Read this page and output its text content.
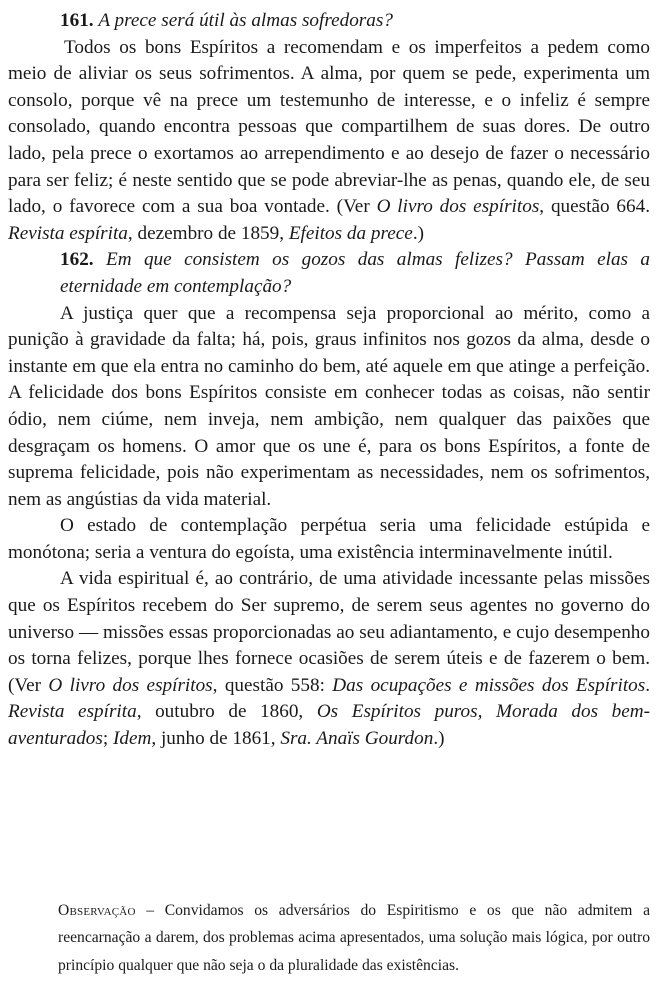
161. A prece será útil às almas sofredoras?

Todos os bons Espíritos a recomendam e os imperfeitos a pedem como meio de aliviar os seus sofrimentos. A alma, por quem se pede, experimenta um consolo, porque vê na prece um testemunho de interesse, e o infeliz é sempre consolado, quando encontra pessoas que compartilhem de suas dores. De outro lado, pela prece o exortamos ao arrependimento e ao desejo de fazer o necessário para ser feliz; é neste sentido que se pode abreviar-lhe as penas, quando ele, de seu lado, o favorece com a sua boa vontade. (Ver O livro dos espíritos, questão 664. Revista espírita, dezembro de 1859, Efeitos da prece.)

162. Em que consistem os gozos das almas felizes? Passam elas a eternidade em contemplação?

A justiça quer que a recompensa seja proporcional ao mérito, como a punição à gravidade da falta; há, pois, graus infinitos nos gozos da alma, desde o instante em que ela entra no caminho do bem, até aquele em que atinge a perfeição. A felicidade dos bons Espíritos consiste em conhecer todas as coisas, não sentir ódio, nem ciúme, nem inveja, nem ambição, nem qualquer das paixões que desgraçam os homens. O amor que os une é, para os bons Espíritos, a fonte de suprema felicidade, pois não experimentam as necessidades, nem os sofrimentos, nem as angústias da vida material.

O estado de contemplação perpétua seria uma felicidade estúpida e monótona; seria a ventura do egoísta, uma existência interminavelmente inútil.

A vida espiritual é, ao contrário, de uma atividade incessante pelas missões que os Espíritos recebem do Ser supremo, de serem seus agentes no governo do universo — missões essas proporcionadas ao seu adiantamento, e cujo desempenho os torna felizes, porque lhes fornece ocasiões de serem úteis e de fazerem o bem. (Ver O livro dos espíritos, questão 558: Das ocupações e missões dos Espíritos. Revista espírita, outubro de 1860, Os Espíritos puros, Morada dos bem-aventurados; Idem, junho de 1861, Sra. Anaïs Gourdon.)

Observação – Convidamos os adversários do Espiritismo e os que não admitem a reencarnação a darem, dos problemas acima apresentados, uma solução mais lógica, por outro princípio qualquer que não seja o da pluralidade das existências.
